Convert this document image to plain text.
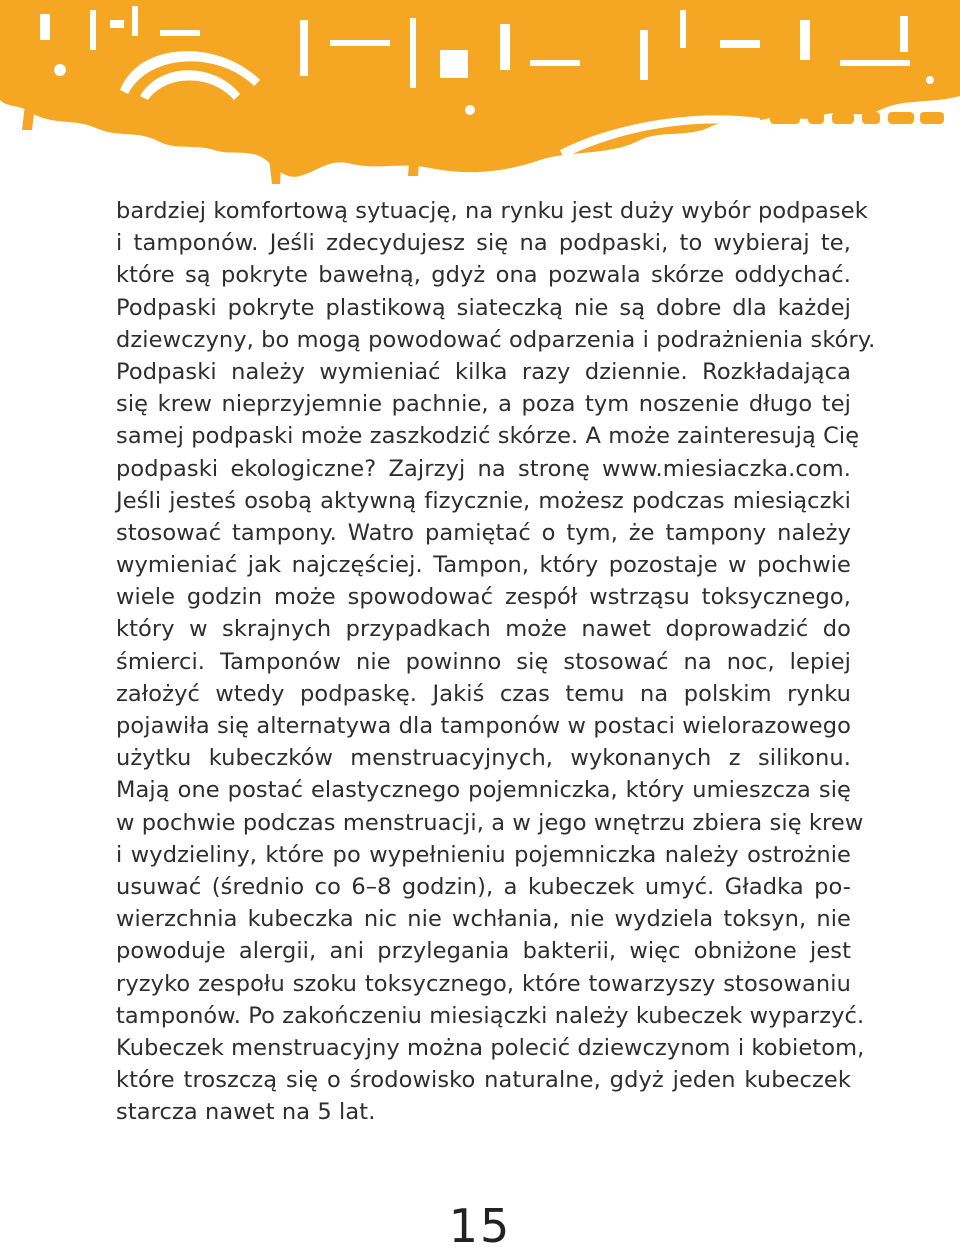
bardziej komfortową sytuację, na rynku jest duży wybór podpasek
i tamponów. Jeśli zdecydujesz się na podpaski, to wybieraj te,
które są pokryte bawełną, gdyż ona pozwala skórze oddychać.
Podpaski pokryte plastikową siateczką nie są dobre dla każdej
dziewczyny, bo mogą powodować odparzenia i podrażnienia skóry.
Podpaski należy wymieniać kilka razy dziennie. Rozkładająca
się krew nieprzyjemnie pachnie, a poza tym noszenie długo tej
samej podpaski może zaszkodzić skórze. A może zainteresują Cię
podpaski ekologiczne? Zajrzyj na stronę www.miesiaczka.com.
Jeśli jesteś osobą aktywną fizycznie, możesz podczas miesiączki
stosować tampony. Watro pamiętać o tym, że tampony należy
wymieniać jak najczęściej. Tampon, który pozostaje w pochwie
wiele godzin może spowodować zespół wstrząsu toksycznego,
który w skrajnych przypadkach może nawet doprowadzić do
śmierci. Tamponów nie powinno się stosować na noc, lepiej
założyć wtedy podpaskę. Jakiś czas temu na polskim rynku
pojawiła się alternatywa dla tamponów w postaci wielorazowego
użytku kubeczków menstruacyjnych, wykonanych z silikonu.
Mają one postać elastycznego pojemniczka, który umieszcza się
w pochwie podczas menstruacji, a w jego wnętrzu zbiera się krew
i wydzieliny, które po wypełnieniu pojemniczka należy ostrożnie
usuwać (średnio co 6–8 godzin), a kubeczek umyć. Gładka po-
wierzchnia kubeczka nic nie wchłania, nie wydziela toksyn, nie
powoduje alergii, ani przylegania bakterii, więc obniżone jest
ryzyko zespołu szoku toksycznego, które towarzyszy stosowaniu
tamponów. Po zakończeniu miesiączki należy kubeczek wyparzyć.
Kubeczek menstruacyjny można polecić dziewczynom i kobietom,
które troszczą się o środowisko naturalne, gdyż jeden kubeczek
starcza nawet na 5 lat.
15
